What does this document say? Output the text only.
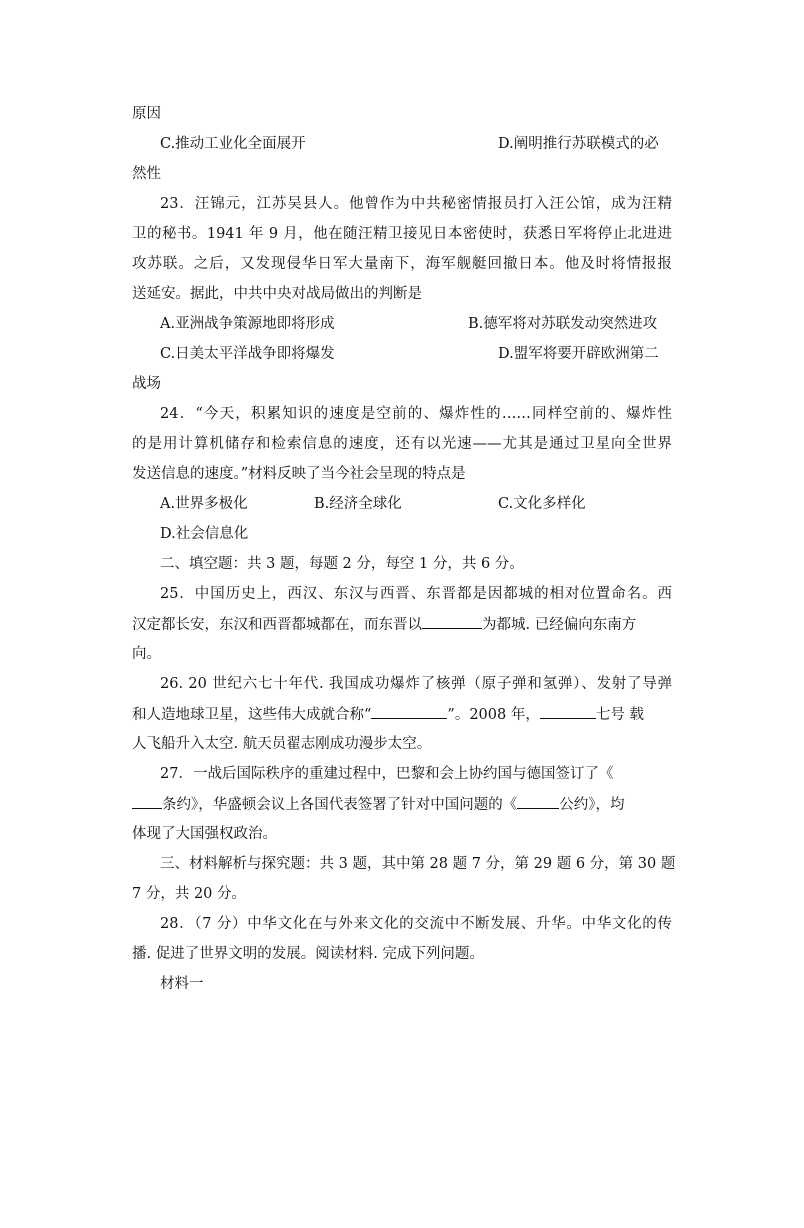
原因
C.推动工业化全面展开	D.阐明推行苏联模式的必
然性
23．汪锦元，江苏吴县人。他曾作为中共秘密情报员打入汪公馆，成为汪精
卫的秘书。1941 年 9 月，他在随汪精卫接见日本密使时，获悉日军将停止北进进
攻苏联。之后，又发现侵华日军大量南下，海军舰艇回撤日本。他及时将情报报
送延安。据此，中共中央对战局做出的判断是
A.亚洲战争策源地即将形成	B.德军将对苏联发动突然进攻
C.日美太平洋战争即将爆发	D.盟军将要开辟欧洲第二
战场
24．“今天，积累知识的速度是空前的、爆炸性的……同样空前的、爆炸性
的是用计算机储存和检索信息的速度，还有以光速——尤其是通过卫星向全世界
发送信息的速度。”材料反映了当今社会呈现的特点是
A.世界多极化	B.经济全球化	C.文化多样化
D.社会信息化
二、填空题：共 3 题，每题 2 分，每空 1 分，共 6 分。
25．中国历史上，西汉、东汉与西晋、东晋都是因都城的相对位置命名。西
汉定都长安，东汉和西晋都城都在，而东晋以	为都城. 已经偏向东南方
向。
26. 20 世纪六七十年代. 我国成功爆炸了核弹（原子弹和氢弹）、发射了导弹
和人造地球卫星，这些伟大成就合称“	”。2008 年，	七号 载
人飞船升入太空. 航天员翟志刚成功漫步太空。
27．一战后国际秩序的重建过程中，巴黎和会上协约国与德国签订了《
条约》，华盛顿会议上各国代表签署了针对中国问题的《	公约》，均
体现了大国强权政治。
三、材料解析与探究题：共 3 题，其中第 28 题 7 分，第 29 题 6 分，第 30 题
7 分，共 20 分。
28．（7 分）中华文化在与外来文化的交流中不断发展、升华。中华文化的传
播. 促进了世界文明的发展。阅读材料. 完成下列问题。
材料一
